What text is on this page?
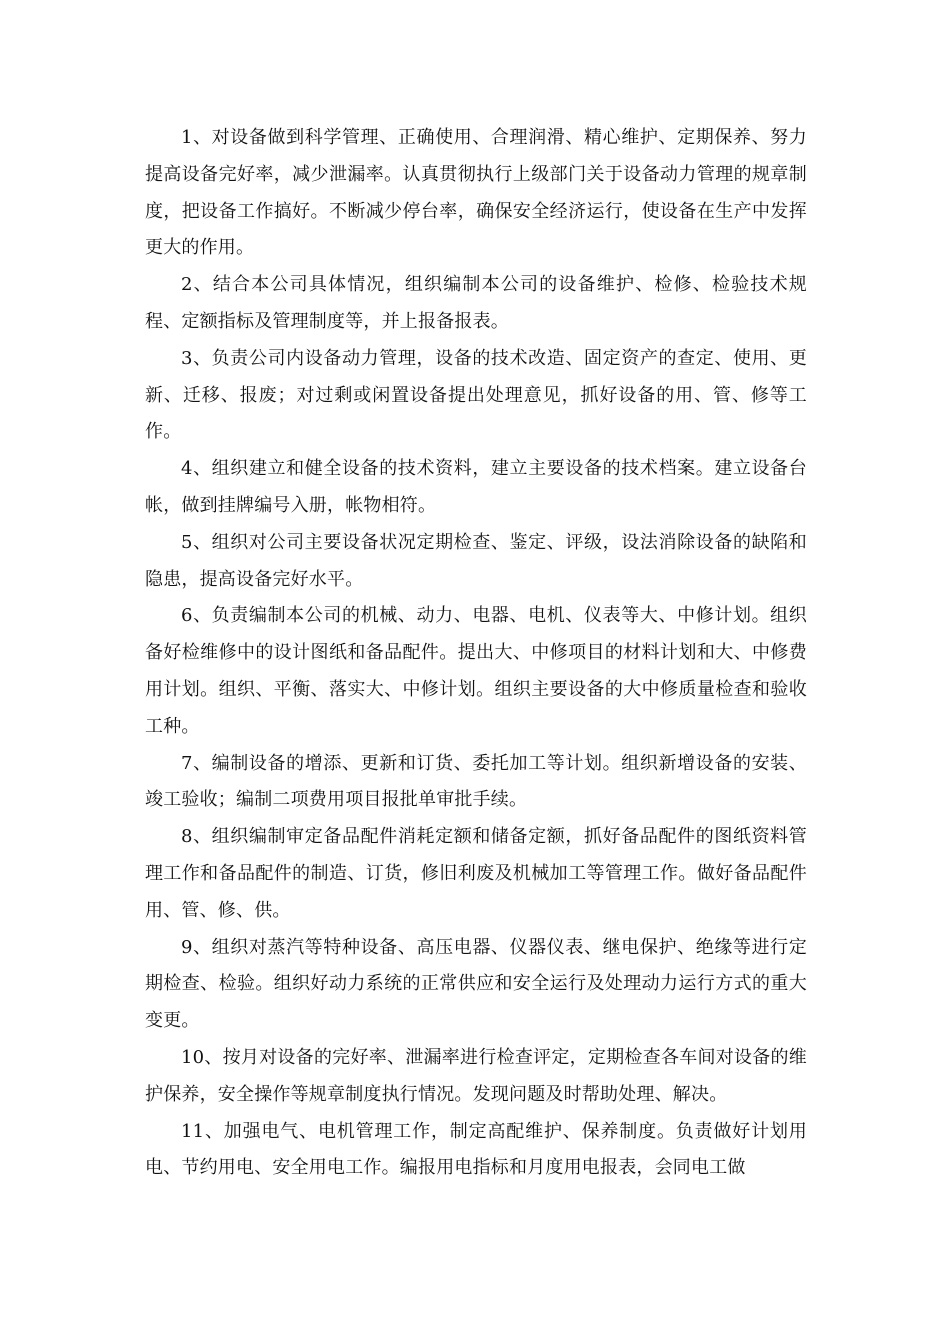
1、对设备做到科学管理、正确使用、合理润滑、精心维护、定期保养、努力提高设备完好率，减少泄漏率。认真贯彻执行上级部门关于设备动力管理的规章制度，把设备工作搞好。不断减少停台率，确保安全经济运行，使设备在生产中发挥更大的作用。

2、结合本公司具体情况，组织编制本公司的设备维护、检修、检验技术规程、定额指标及管理制度等，并上报备报表。

3、负责公司内设备动力管理，设备的技术改造、固定资产的查定、使用、更新、迁移、报废；对过剩或闲置设备提出处理意见，抓好设备的用、管、修等工作。

4、组织建立和健全设备的技术资料，建立主要设备的技术档案。建立设备台帐，做到挂牌编号入册，帐物相符。

5、组织对公司主要设备状况定期检查、鉴定、评级，设法消除设备的缺陷和隐患，提高设备完好水平。

6、负责编制本公司的机械、动力、电器、电机、仪表等大、中修计划。组织备好检维修中的设计图纸和备品配件。提出大、中修项目的材料计划和大、中修费用计划。组织、平衡、落实大、中修计划。组织主要设备的大中修质量检查和验收工种。

7、编制设备的增添、更新和订货、委托加工等计划。组织新增设备的安装、竣工验收；编制二项费用项目报批单审批手续。

8、组织编制审定备品配件消耗定额和储备定额，抓好备品配件的图纸资料管理工作和备品配件的制造、订货，修旧利废及机械加工等管理工作。做好备品配件用、管、修、供。

9、组织对蒸汽等特种设备、高压电器、仪器仪表、继电保护、绝缘等进行定期检查、检验。组织好动力系统的正常供应和安全运行及处理动力运行方式的重大变更。

10、按月对设备的完好率、泄漏率进行检查评定，定期检查各车间对设备的维护保养，安全操作等规章制度执行情况。发现问题及时帮助处理、解决。

11、加强电气、电机管理工作，制定高配维护、保养制度。负责做好计划用电、节约用电、安全用电工作。编报用电指标和月度用电报表，会同电工做
